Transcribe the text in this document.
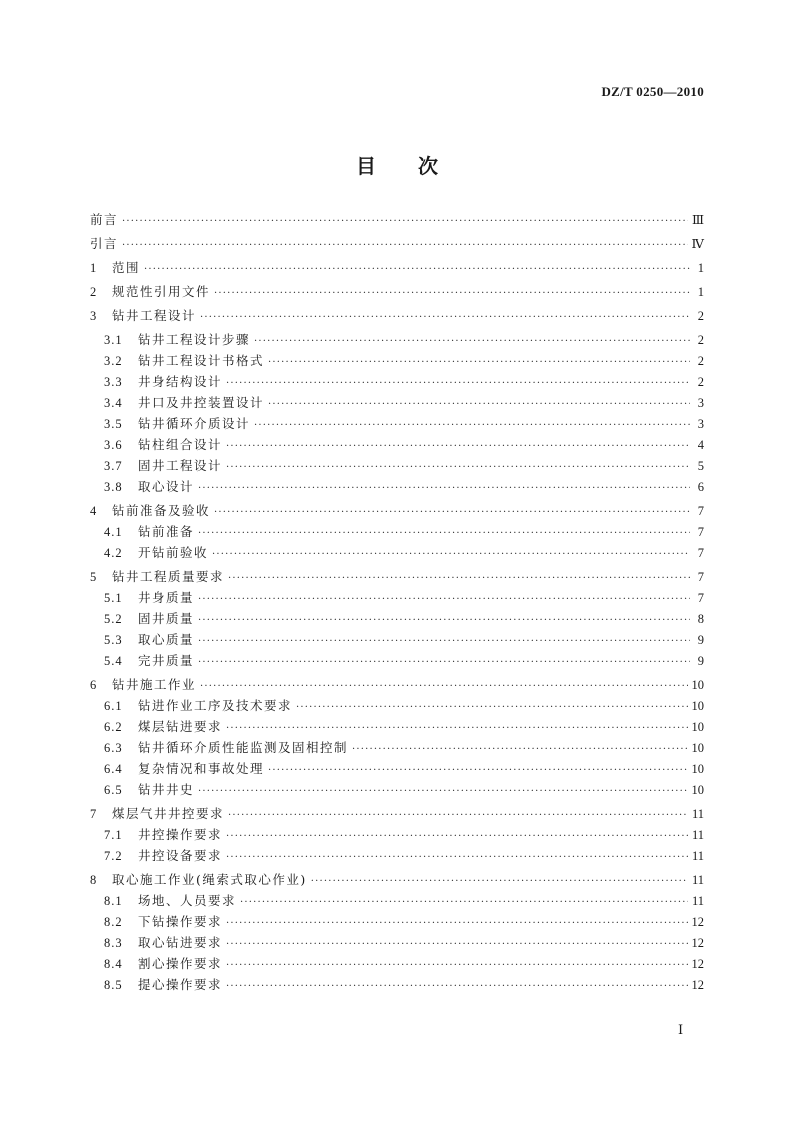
DZ/T 0250—2010
目次
前言 ·····	Ⅲ
引言 ·····	Ⅳ
1	范围 ·····	1
2	规范性引用文件 ·····	1
3	钻井工程设计 ·····	2
3.1	钻井工程设计步骤 ·····	2
3.2	钻井工程设计书格式 ·····	2
3.3	井身结构设计 ·····	2
3.4	井口及井控装置设计 ·····	3
3.5	钻井循环介质设计 ·····	3
3.6	钻柱组合设计 ·····	4
3.7	固井工程设计 ·····	5
3.8	取心设计 ·····	6
4	钻前准备及验收 ·····	7
4.1	钻前准备 ·····	7
4.2	开钻前验收 ·····	7
5	钻井工程质量要求 ·····	7
5.1	井身质量 ·····	7
5.2	固井质量 ·····	8
5.3	取心质量 ·····	9
5.4	完井质量 ·····	9
6	钻井施工作业 ·····	10
6.1	钻进作业工序及技术要求 ·····	10
6.2	煤层钻进要求 ·····	10
6.3	钻井循环介质性能监测及固相控制 ·····	10
6.4	复杂情况和事故处理 ·····	10
6.5	钻井井史 ·····	10
7	煤层气井井控要求 ·····	11
7.1	井控操作要求 ·····	11
7.2	井控设备要求 ·····	11
8	取心施工作业(绳索式取心作业) ·····	11
8.1	场地、人员要求 ·····	11
8.2	下钻操作要求 ·····	12
8.3	取心钻进要求 ·····	12
8.4	割心操作要求 ·····	12
8.5	提心操作要求 ·····	12
Ⅰ
